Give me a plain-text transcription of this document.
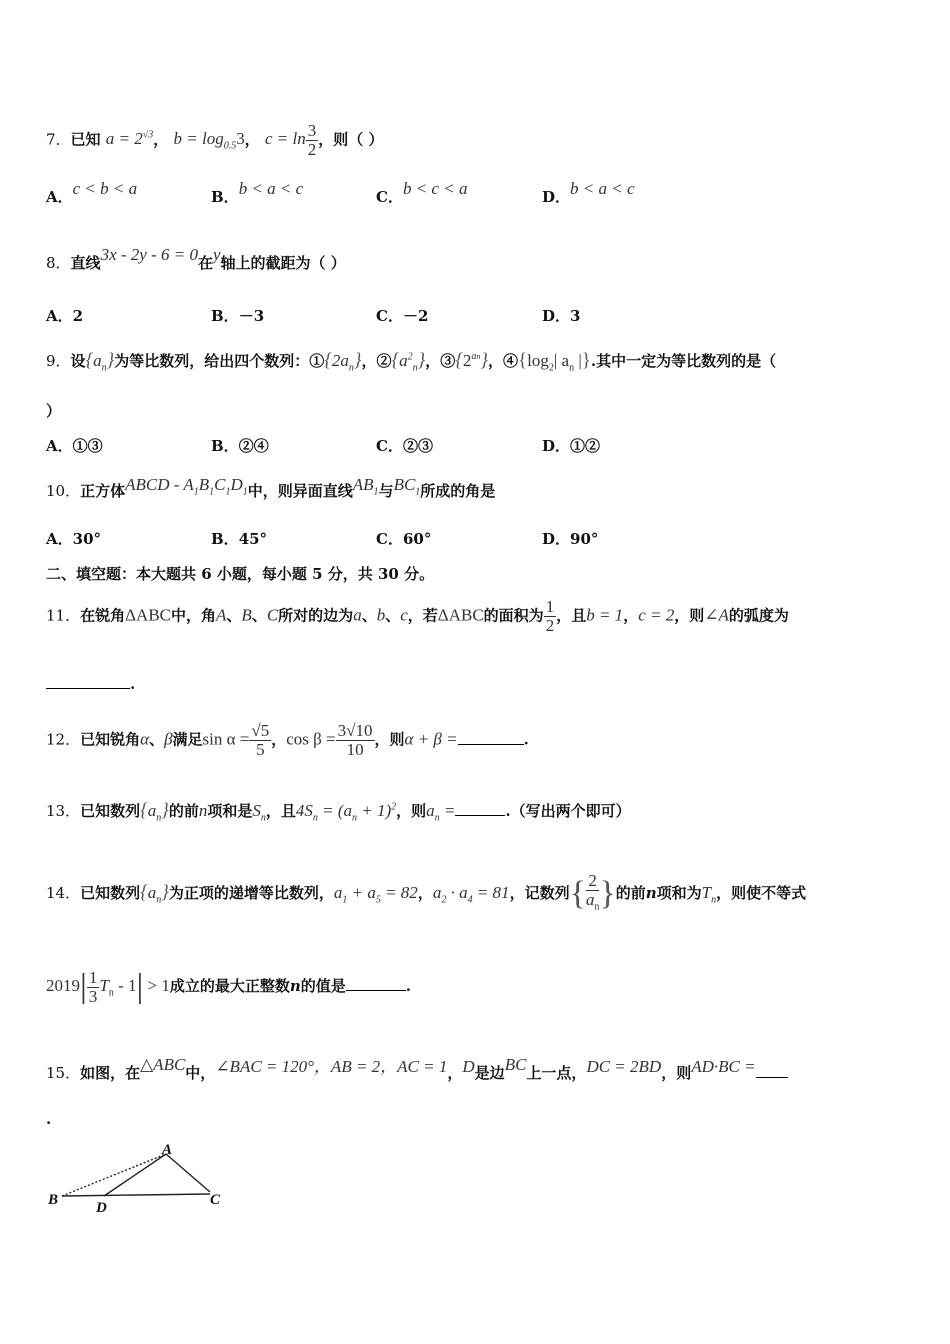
7．已知 $a = 2^{√3}$， $b = \log_{0.5}3$， $c = \ln \frac{3}{2}$ ，则（ ）
A．c < b < a	B．b < a < c	C．b < c < a	D．b < a < c
8．直线3x - 2y - 6 = 0在y轴上的截距为（ ）
A．2	B．－3	C．－2	D．3
9．设$\{a_n\}$为等比数列，给出四个数列：$①\{2a_n\}$，$②\{a^2_n\}$，$③\{2^{an}\}$，$④\{\log_2|$ $a_n$ |}.其中一定为等比数列的是（
）
A．①③	B．②④	C．②③	D．①②
10．正方体ABCD - $A_1B_1C_1D_1$中，则异面直线$AB_1$与$BC_1$所成的角是
A．30°	B．45°	C．60°	D．90°
二、填空题：本大题共 6 小题，每小题 5 分，共 30 分。
11．在锐角ΔABC中，角A、B、C所对的边为a、b、c，若ΔABC的面积为 $\frac{1}{2}$ ，且b = 1，c = 2，则∠A的弧度为
.
12．已知锐角α、β满足$\sin \alpha = \frac{√5}{5}$ ，$\cos \beta = \frac{3√10}{10}$ ，则α + β =	.
13．已知数列$\{a_n\}$的前n项和是$S_n$，且$4S_n = (a_n + 1)^2$，则$a_n$ =	.（写出两个即可）
14．已知数列$\{a_n\}$为正项的递增等比数列，$a_1 + a_5 = 82$，$a_2 \cdot a_4 = 81$，记数列{ $\frac{2}{a_n}$ }的前n项和为$T_n$，则使不等式
$2019| \frac{1}{3} T_n - 1| > 1$成立的最大正整数n的值是	.
15．如图，在△ABC中，∠BAC = 120°，AB = 2，AC = 1，D是边BC上一点，DC = 2BD，则AD·BC =
.
A
B	C
D
